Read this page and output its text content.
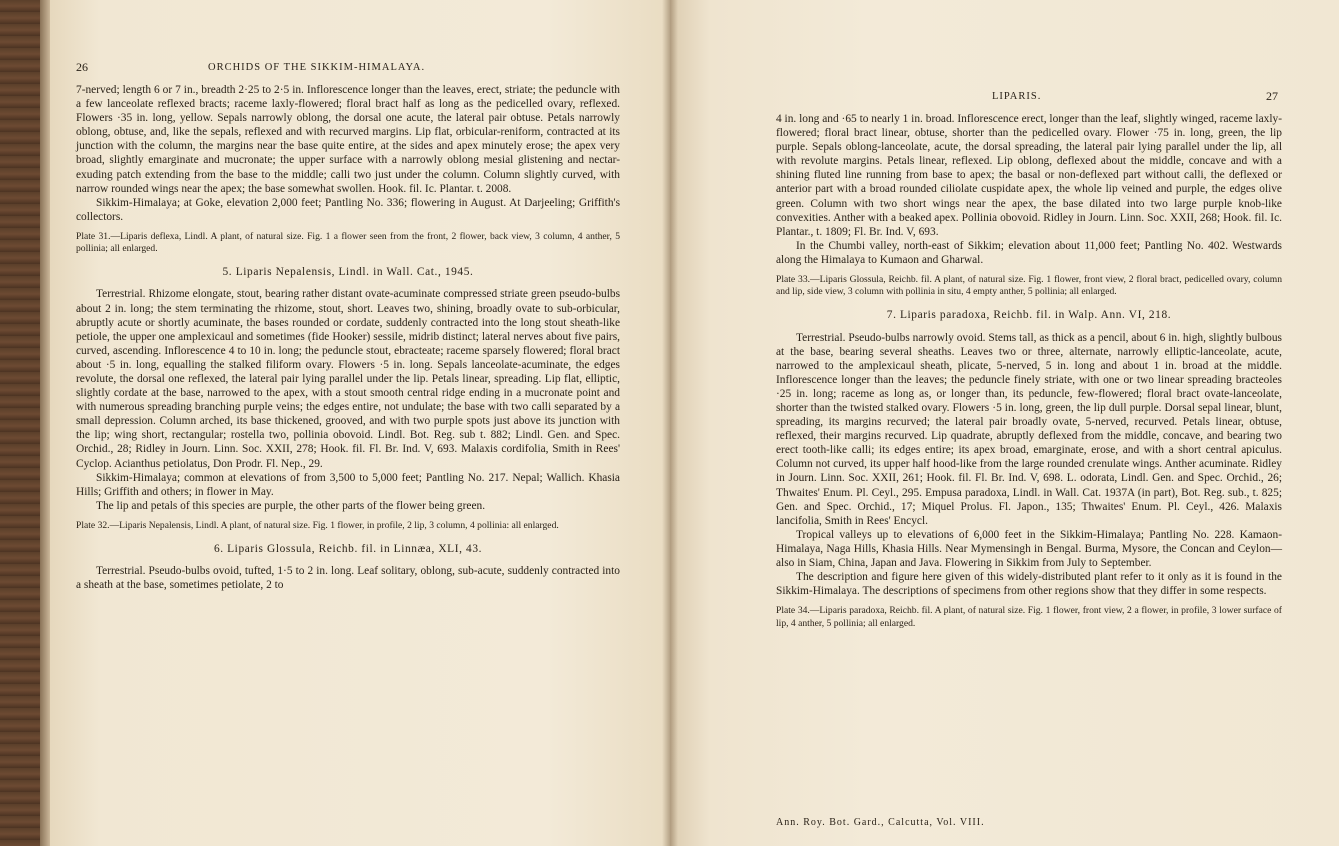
26	ORCHIDS OF THE SIKKIM-HIMALAYA.

7-nerved; length 6 or 7 in., breadth 2·25 to 2·5 in. Inflorescence longer than the leaves, erect, striate; the peduncle with a few lanceolate reflexed bracts; raceme laxly-flowered; floral bract half as long as the pedicelled ovary, reflexed. Flowers ·35 in. long, yellow. Sepals narrowly oblong, the dorsal one acute, the lateral pair obtuse. Petals narrowly oblong, obtuse, and, like the sepals, reflexed and with recurved margins. Lip flat, orbicular-reniform, contracted at its junction with the column, the margins near the base quite entire, at the sides and apex minutely erose; the apex very broad, slightly emarginate and mucronate; the upper surface with a narrowly oblong mesial glistening and nectar-exuding patch extending from the base to the middle; calli two just under the column. Column slightly curved, with narrow rounded wings near the apex; the base somewhat swollen. Hook. fil. Ic. Plantar. t. 2008.

Sikkim-Himalaya; at Goke, elevation 2,000 feet; Pantling No. 336; flowering in August. At Darjeeling; Griffith's collectors.

Plate 31.—Liparis deflexa, Lindl. A plant, of natural size. Fig. 1 a flower seen from the front, 2 flower, back view, 3 column, 4 anther, 5 pollinia; all enlarged.
5. Liparis Nepalensis, Lindl. in Wall. Cat., 1945.

Terrestrial. Rhizome elongate, stout, bearing rather distant ovate-acuminate compressed striate green pseudo-bulbs about 2 in. long; the stem terminating the rhizome, stout, short. Leaves two, shining, broadly ovate to sub-orbicular, abruptly acute or shortly acuminate, the bases rounded or cordate, suddenly contracted into the long stout sheath-like petiole, the upper one amplexicaul and sometimes (fide Hooker) sessile, midrib distinct; lateral nerves about five pairs, curved, ascending. Inflorescence 4 to 10 in. long; the peduncle stout, ebracteate; raceme sparsely flowered; floral bract about ·5 in. long, equalling the stalked filiform ovary. Flowers ·5 in. long. Sepals lanceolate-acuminate, the edges revolute, the dorsal one reflexed, the lateral pair lying parallel under the lip. Petals linear, spreading. Lip flat, elliptic, slightly cordate at the base, narrowed to the apex, with a stout smooth central ridge ending in a mucronate point and with numerous spreading branching purple veins; the edges entire, not undulate; the base with two calli separated by a small depression. Column arched, its base thickened, grooved, and with two purple spots just above its junction with the lip; wing short, rectangular; rostella two, pollinia obovoid. Lindl. Bot. Reg. sub t. 882; Lindl. Gen. and Spec. Orchid., 28; Ridley in Journ. Linn. Soc. XXII, 278; Hook. fil. Fl. Br. Ind. V, 693. Malaxis cordifolia, Smith in Rees' Cyclop. Acianthus petiolatus, Don Prodr. Fl. Nep., 29.

Sikkim-Himalaya; common at elevations of from 3,500 to 5,000 feet; Pantling No. 217. Nepal; Wallich. Khasia Hills; Griffith and others; in flower in May.

The lip and petals of this species are purple, the other parts of the flower being green.

Plate 32.—Liparis Nepalensis, Lindl. A plant, of natural size. Fig. 1 flower, in profile, 2 lip, 3 column, 4 pollinia: all enlarged.
6. Liparis Glossula, Reichb. fil. in Linnæa, XLI, 43.

Terrestrial. Pseudo-bulbs ovoid, tufted, 1·5 to 2 in. long. Leaf solitary, oblong, sub-acute, suddenly contracted into a sheath at the base, sometimes petiolate, 2 to

LIPARIS.	27

4 in. long and ·65 to nearly 1 in. broad. Inflorescence erect, longer than the leaf, slightly winged, raceme laxly-flowered; floral bract linear, obtuse, shorter than the pedicelled ovary. Flower ·75 in. long, green, the lip purple. Sepals oblong-lanceolate, acute, the dorsal spreading, the lateral pair lying parallel under the lip, all with revolute margins. Petals linear, reflexed. Lip oblong, deflexed about the middle, concave and with a shining fluted line running from base to apex; the basal or non-deflexed part without calli, the deflexed or anterior part with a broad rounded ciliolate cuspidate apex, the whole lip veined and purple, the edges olive green. Column with two short wings near the apex, the base dilated into two large purple knob-like convexities. Anther with a beaked apex. Pollinia obovoid. Ridley in Journ. Linn. Soc. XXII, 268; Hook. fil. Ic. Plantar., t. 1809; Fl. Br. Ind. V, 693.

In the Chumbi valley, north-east of Sikkim; elevation about 11,000 feet; Pantling No. 402. Westwards along the Himalaya to Kumaon and Gharwal.

Plate 33.—Liparis Glossula, Reichb. fil. A plant, of natural size. Fig. 1 flower, front view, 2 floral bract, pedicelled ovary, column and lip, side view, 3 column with pollinia in situ, 4 empty anther, 5 pollinia; all enlarged.
7. Liparis paradoxa, Reichb. fil. in Walp. Ann. VI, 218.

Terrestrial. Pseudo-bulbs narrowly ovoid. Stems tall, as thick as a pencil, about 6 in. high, slightly bulbous at the base, bearing several sheaths. Leaves two or three, alternate, narrowly elliptic-lanceolate, acute, narrowed to the amplexicaul sheath, plicate, 5-nerved, 5 in. long and about 1 in. broad at the middle. Inflorescence longer than the leaves; the peduncle finely striate, with one or two linear spreading bracteoles ·25 in. long; raceme as long as, or longer than, its peduncle, few-flowered; floral bract ovate-lanceolate, shorter than the twisted stalked ovary. Flowers ·5 in. long, green, the lip dull purple. Dorsal sepal linear, blunt, spreading, its margins recurved; the lateral pair broadly ovate, 5-nerved, recurved. Petals linear, obtuse, reflexed, their margins recurved. Lip quadrate, abruptly deflexed from the middle, concave, and bearing two erect tooth-like calli; its edges entire; its apex broad, emarginate, erose, and with a short central apiculus. Column not curved, its upper half hood-like from the large rounded crenulate wings. Anther acuminate. Ridley in Journ. Linn. Soc. XXII, 261; Hook. fil. Fl. Br. Ind. V, 698. L. odorata, Lindl. Gen. and Spec. Orchid., 26; Thwaites' Enum. Pl. Ceyl., 295. Empusa paradoxa, Lindl. in Wall. Cat. 1937A (in part), Bot. Reg. sub., t. 825; Gen. and Spec. Orchid., 17; Miquel Prolus. Fl. Japon., 135; Thwaites' Enum. Pl. Ceyl., 426. Malaxis lancifolia, Smith in Rees' Encycl.

Tropical valleys up to elevations of 6,000 feet in the Sikkim-Himalaya; Pantling No. 228. Kamaon-Himalaya, Naga Hills, Khasia Hills. Near Mymensingh in Bengal. Burma, Mysore, the Concan and Ceylon—also in Siam, China, Japan and Java. Flowering in Sikkim from July to September.

The description and figure here given of this widely-distributed plant refer to it only as it is found in the Sikkim-Himalaya. The descriptions of specimens from other regions show that they differ in some respects.

Plate 34.—Liparis paradoxa, Reichb. fil. A plant, of natural size. Fig. 1 flower, front view, 2 a flower, in profile, 3 lower surface of lip, 4 anther, 5 pollinia; all enlarged.
Ann. Roy. Bot. Gard., Calcutta, Vol. VIII.
